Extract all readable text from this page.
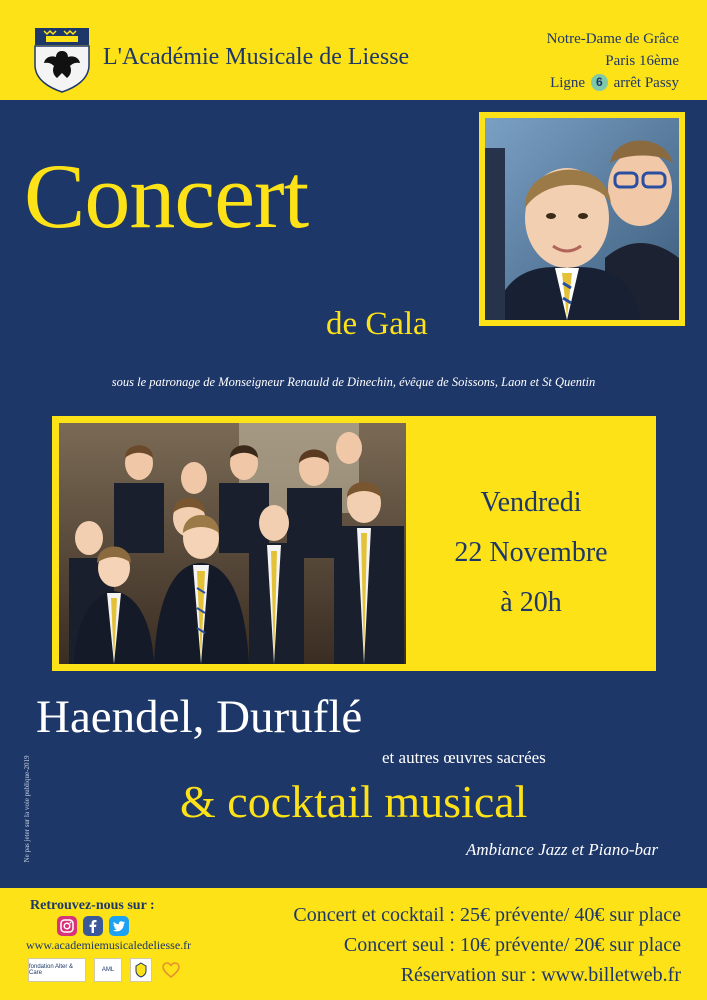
L'Académie Musicale de Liesse
Notre-Dame de Grâce
Paris 16ème
Ligne 6 arrêt Passy
Concert
de Gala
sous le patronage de Monseigneur Renauld de Dinechin, évêque de Soissons, Laon et St Quentin
Vendredi
22 Novembre
à 20h
Haendel, Duruflé
et autres œuvres sacrées
& cocktail musical
Ambiance Jazz et Piano-bar
Ne pas jeter sur la voie publique-2019
Retrouvez-nous sur :
www.academiemusicaledeliesse.fr
fondation Alter & Care	AML
Concert et cocktail : 25€ prévente/ 40€ sur place
Concert seul : 10€ prévente/ 20€ sur place
Réservation sur : www.billetweb.fr
